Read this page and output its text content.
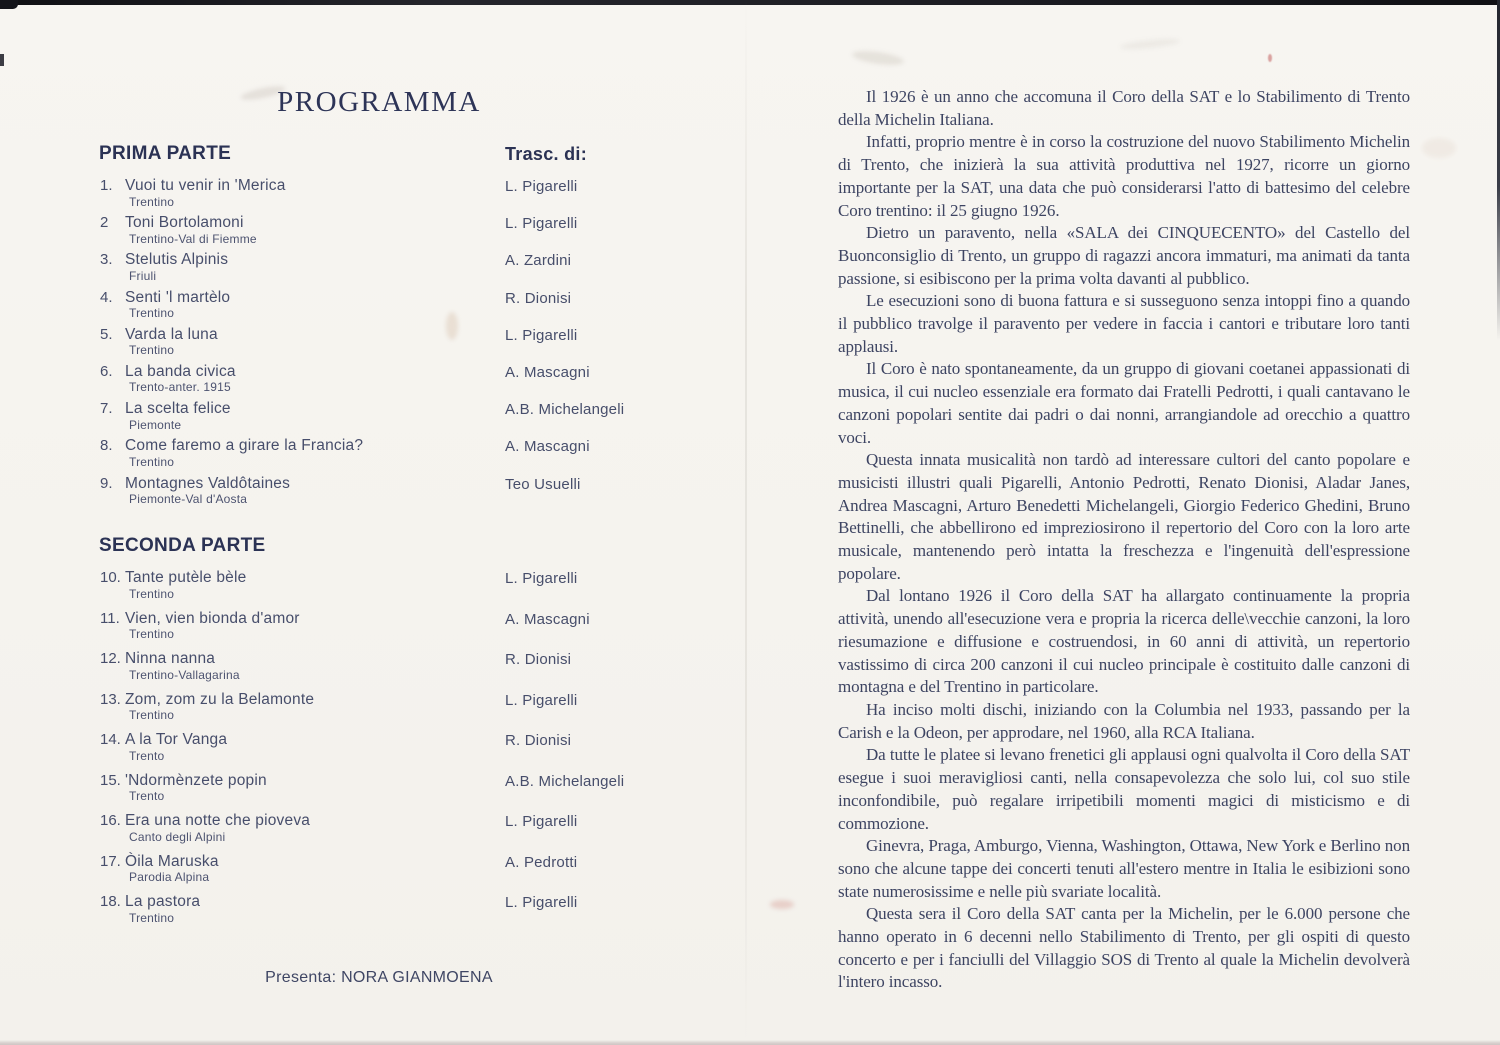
PROGRAMMA
PRIMA PARTE	Trasc. di:
1. Vuoi tu venir in 'Merica
Trentino
L. Pigarelli
2	Toni Bortolamoni
Trentino-Val di Fiemme
L. Pigarelli
3. Stelutis Alpinis
Friuli
A. Zardini
4. Senti 'l martèlo
Trentino
R. Dionisi
5. Varda la luna
Trentino
L. Pigarelli
6. La banda civica
Trento-anter. 1915
A. Mascagni
7. La scelta felice
Piemonte
A.B. Michelangeli
8. Come faremo a girare la Francia?
Trentino
A. Mascagni
9. Montagnes Valdôtaines
Piemonte-Val d'Aosta
Teo Usuelli
SECONDA PARTE
10. Tante putèle bèle
Trentino
L. Pigarelli
11. Vien, vien bionda d'amor
Trentino
A. Mascagni
12. Ninna nanna
Trentino-Vallagarina
R. Dionisi
13. Zom, zom zu la Belamonte
Trentino
L. Pigarelli
14. A la Tor Vanga
Trento
R. Dionisi
15. 'Ndormènzete popin
Trento
A.B. Michelangeli
16. Era una notte che pioveva
Canto degli Alpini
L. Pigarelli
17. Òila Maruska
Parodia Alpina
A. Pedrotti
18. La pastora
Trentino
L. Pigarelli
Presenta: NORA GIANMOENA

Il 1926 è un anno che accomuna il Coro della SAT e lo Stabilimento di Trento della Michelin Italiana.

Infatti, proprio mentre è in corso la costruzione del nuovo Stabilimento Michelin di Trento, che inizierà la sua attività produttiva nel 1927, ricorre un giorno importante per la SAT, una data che può considerarsi l'atto di battesimo del celebre Coro trentino: il 25 giugno 1926.

Dietro un paravento, nella «SALA dei CINQUECENTO» del Castello del Buonconsiglio di Trento, un gruppo di ragazzi ancora immaturi, ma animati da tanta passione, si esibiscono per la prima volta davanti al pubblico.

Le esecuzioni sono di buona fattura e si susseguono senza intoppi fino a quando il pubblico travolge il paravento per vedere in faccia i cantori e tributare loro tanti applausi.

Il Coro è nato spontaneamente, da un gruppo di giovani coetanei appassionati di musica, il cui nucleo essenziale era formato dai Fratelli Pedrotti, i quali cantavano le canzoni popolari sentite dai padri o dai nonni, arrangiandole ad orecchio a quattro voci.

Questa innata musicalità non tardò ad interessare cultori del canto popolare e musicisti illustri quali Pigarelli, Antonio Pedrotti, Renato Dionisi, Aladar Janes, Andrea Mascagni, Arturo Benedetti Michelangeli, Giorgio Federico Ghedini, Bruno Bettinelli, che abbellirono ed impreziosirono il repertorio del Coro con la loro arte musicale, mantenendo però intatta la freschezza e l'ingenuità dell'espressione popolare.

Dal lontano 1926 il Coro della SAT ha allargato continuamente la propria attività, unendo all'esecuzione vera e propria la ricerca delle\vecchie canzoni, la loro riesumazione e diffusione e costruendosi, in 60 anni di attività, un repertorio vastissimo di circa 200 canzoni il cui nucleo principale è costituito dalle canzoni di montagna e del Trentino in particolare.

Ha inciso molti dischi, iniziando con la Columbia nel 1933, passando per la Carish e la Odeon, per approdare, nel 1960, alla RCA Italiana.

Da tutte le platee si levano frenetici gli applausi ogni qualvolta il Coro della SAT esegue i suoi meravigliosi canti, nella consapevolezza che solo lui, col suo stile inconfondibile, può regalare irripetibili momenti magici di misticismo e di commozione.

Ginevra, Praga, Amburgo, Vienna, Washington, Ottawa, New York e Berlino non sono che alcune tappe dei concerti tenuti all'estero mentre in Italia le esibizioni sono state numerosissime e nelle più svariate località.

Questa sera il Coro della SAT canta per la Michelin, per le 6.000 persone che hanno operato in 6 decenni nello Stabilimento di Trento, per gli ospiti di questo concerto e per i fanciulli del Villaggio SOS di Trento al quale la Michelin devolverà l'intero incasso.
